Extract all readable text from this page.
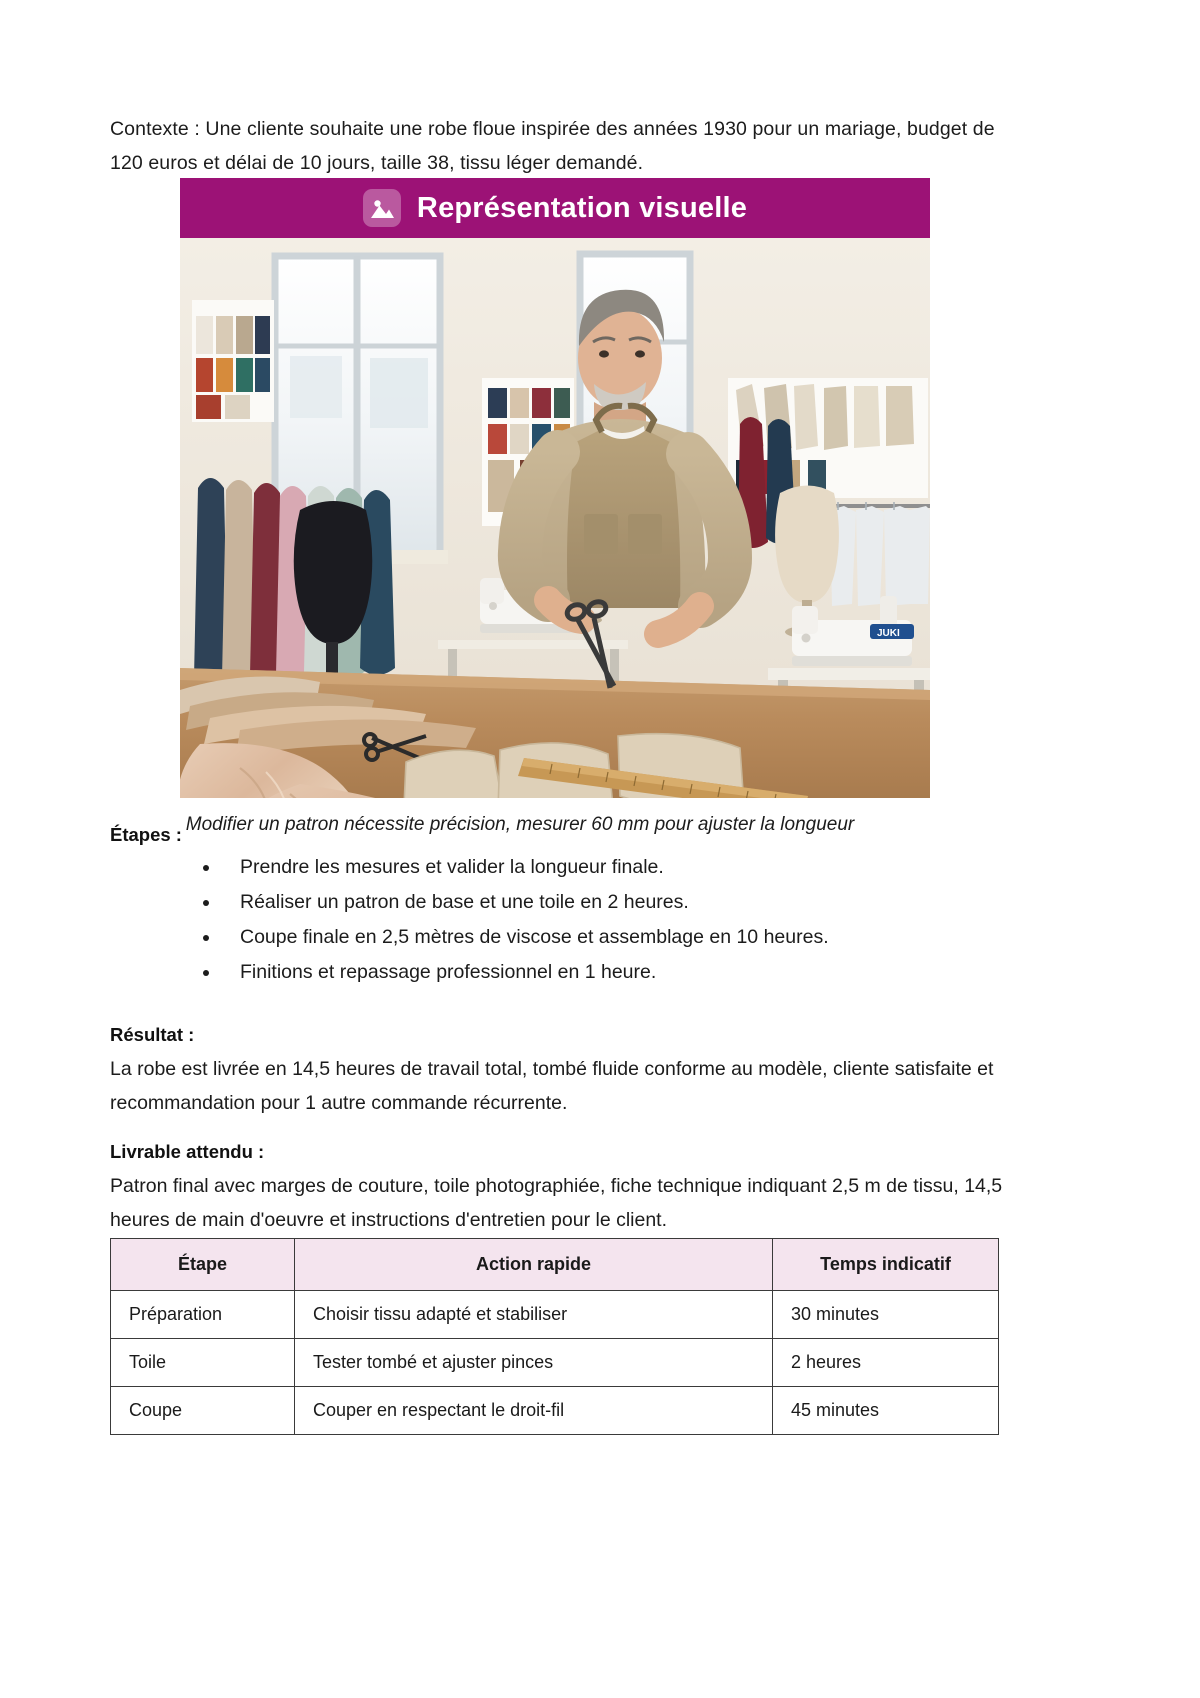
Contexte : Une cliente souhaite une robe floue inspirée des années 1930 pour un mariage, budget de 120 euros et délai de 10 jours, taille 38, tissu léger demandé.

Représentation visuelle
JUKI
Modifier un patron nécessite précision, mesurer 60 mm pour ajuster la longueur
Étapes :
Prendre les mesures et valider la longueur finale.
Réaliser un patron de base et une toile en 2 heures.
Coupe finale en 2,5 mètres de viscose et assemblage en 10 heures.
Finitions et repassage professionnel en 1 heure.
Résultat :

La robe est livrée en 14,5 heures de travail total, tombé fluide conforme au modèle, cliente satisfaite et recommandation pour 1 autre commande récurrente.

Livrable attendu :

Patron final avec marges de couture, toile photographiée, fiche technique indiquant 2,5 m de tissu, 14,5 heures de main d'oeuvre et instructions d'entretien pour le client.

Étape	Action rapide	Temps indicatif
Préparation	Choisir tissu adapté et stabiliser	30 minutes
Toile	Tester tombé et ajuster pinces	2 heures
Coupe	Couper en respectant le droit-fil	45 minutes
